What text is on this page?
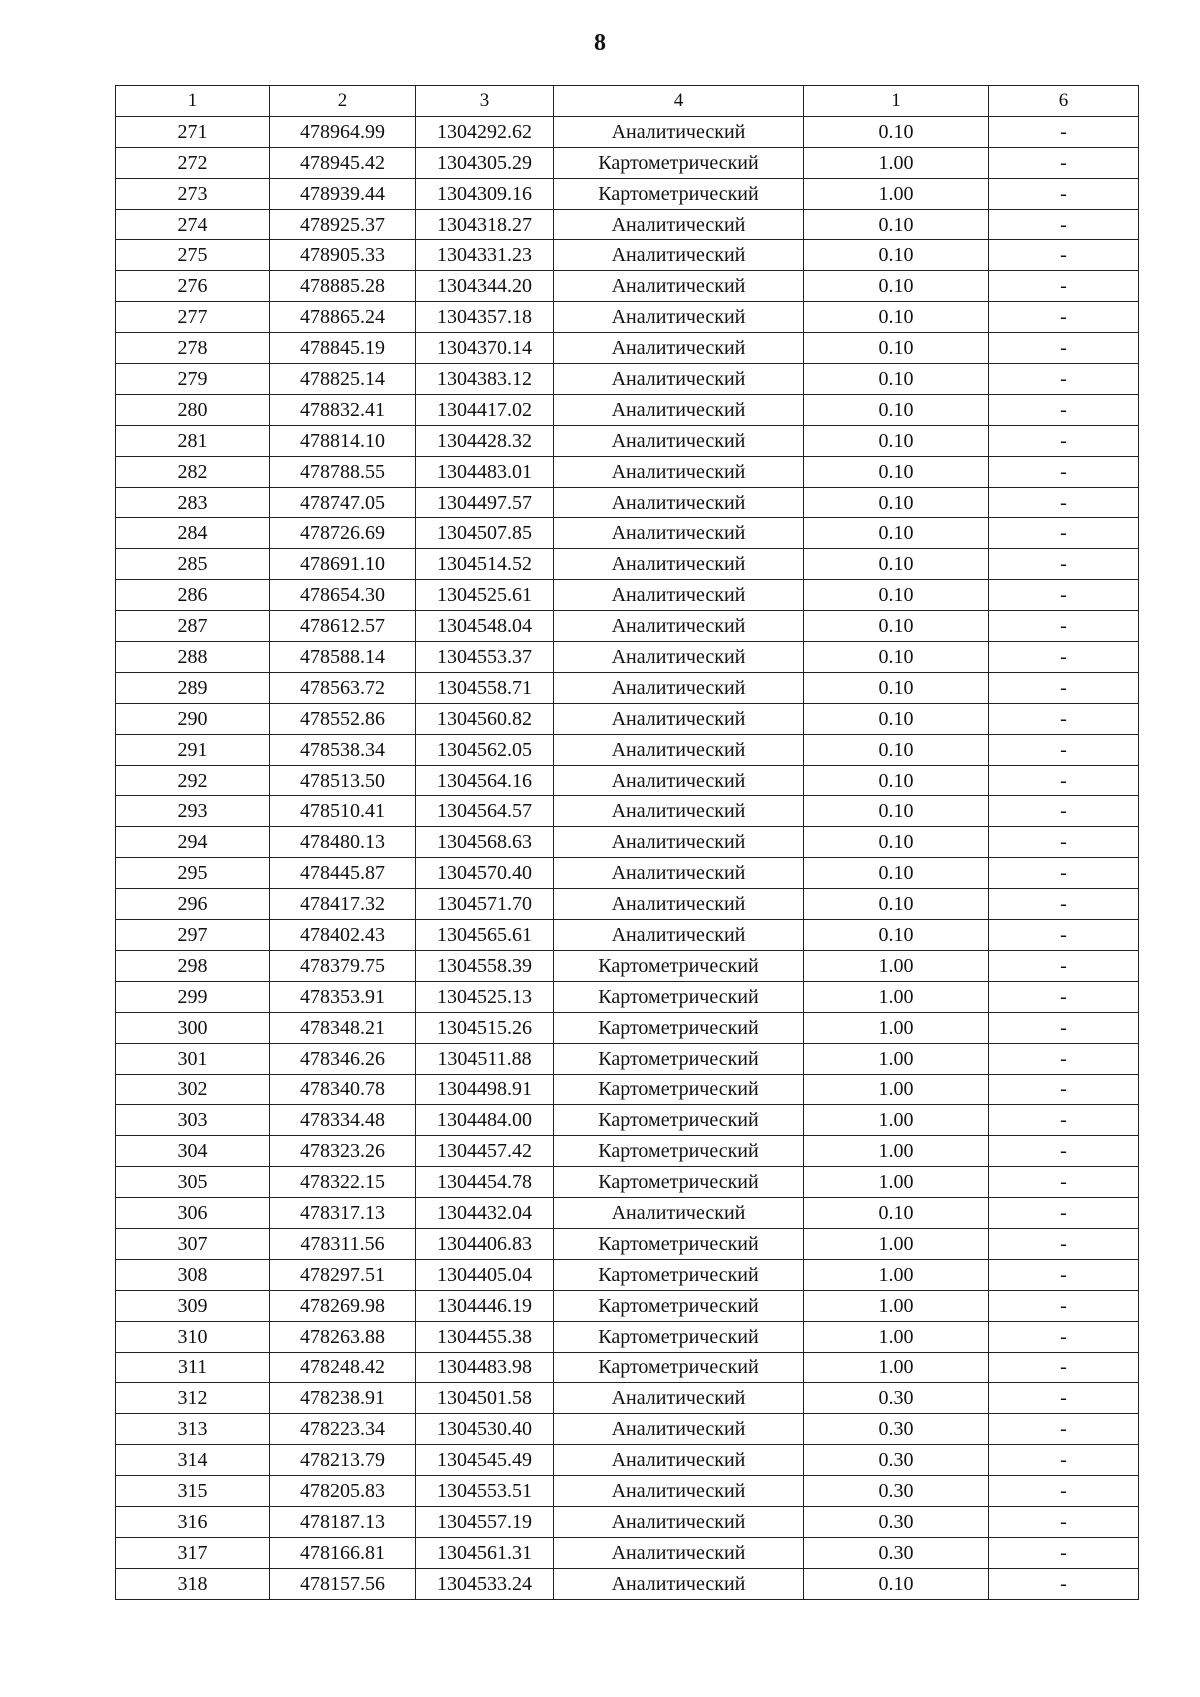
8
1	2	3	4	1	6
271	478964.99	1304292.62	Аналитический	0.10	-
272	478945.42	1304305.29	Картометрический	1.00	-
273	478939.44	1304309.16	Картометрический	1.00	-
274	478925.37	1304318.27	Аналитический	0.10	-
275	478905.33	1304331.23	Аналитический	0.10	-
276	478885.28	1304344.20	Аналитический	0.10	-
277	478865.24	1304357.18	Аналитический	0.10	-
278	478845.19	1304370.14	Аналитический	0.10	-
279	478825.14	1304383.12	Аналитический	0.10	-
280	478832.41	1304417.02	Аналитический	0.10	-
281	478814.10	1304428.32	Аналитический	0.10	-
282	478788.55	1304483.01	Аналитический	0.10	-
283	478747.05	1304497.57	Аналитический	0.10	-
284	478726.69	1304507.85	Аналитический	0.10	-
285	478691.10	1304514.52	Аналитический	0.10	-
286	478654.30	1304525.61	Аналитический	0.10	-
287	478612.57	1304548.04	Аналитический	0.10	-
288	478588.14	1304553.37	Аналитический	0.10	-
289	478563.72	1304558.71	Аналитический	0.10	-
290	478552.86	1304560.82	Аналитический	0.10	-
291	478538.34	1304562.05	Аналитический	0.10	-
292	478513.50	1304564.16	Аналитический	0.10	-
293	478510.41	1304564.57	Аналитический	0.10	-
294	478480.13	1304568.63	Аналитический	0.10	-
295	478445.87	1304570.40	Аналитический	0.10	-
296	478417.32	1304571.70	Аналитический	0.10	-
297	478402.43	1304565.61	Аналитический	0.10	-
298	478379.75	1304558.39	Картометрический	1.00	-
299	478353.91	1304525.13	Картометрический	1.00	-
300	478348.21	1304515.26	Картометрический	1.00	-
301	478346.26	1304511.88	Картометрический	1.00	-
302	478340.78	1304498.91	Картометрический	1.00	-
303	478334.48	1304484.00	Картометрический	1.00	-
304	478323.26	1304457.42	Картометрический	1.00	-
305	478322.15	1304454.78	Картометрический	1.00	-
306	478317.13	1304432.04	Аналитический	0.10	-
307	478311.56	1304406.83	Картометрический	1.00	-
308	478297.51	1304405.04	Картометрический	1.00	-
309	478269.98	1304446.19	Картометрический	1.00	-
310	478263.88	1304455.38	Картометрический	1.00	-
311	478248.42	1304483.98	Картометрический	1.00	-
312	478238.91	1304501.58	Аналитический	0.30	-
313	478223.34	1304530.40	Аналитический	0.30	-
314	478213.79	1304545.49	Аналитический	0.30	-
315	478205.83	1304553.51	Аналитический	0.30	-
316	478187.13	1304557.19	Аналитический	0.30	-
317	478166.81	1304561.31	Аналитический	0.30	-
318	478157.56	1304533.24	Аналитический	0.10	-
